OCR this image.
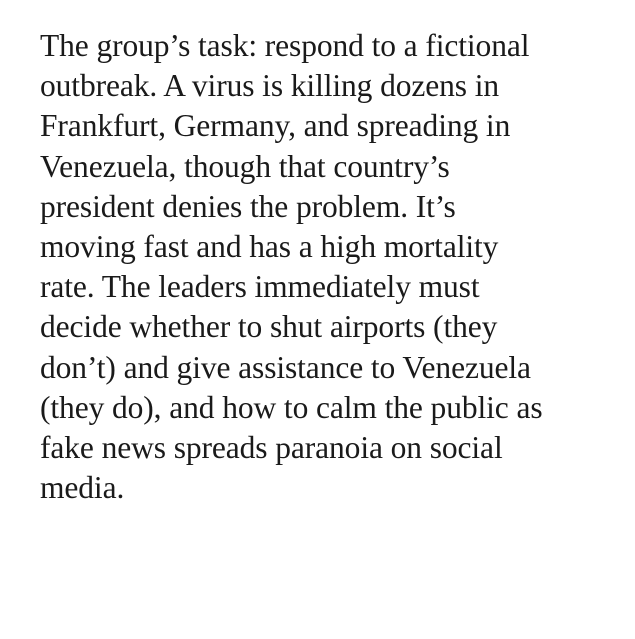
The group’s task: respond to a fictional
outbreak. A virus is killing dozens in
Frankfurt, Germany, and spreading in
Venezuela, though that country’s
president denies the problem. It’s
moving fast and has a high mortality
rate. The leaders immediately must
decide whether to shut airports (they
don’t) and give assistance to Venezuela
(they do), and how to calm the public as
fake news spreads paranoia on social
media.
